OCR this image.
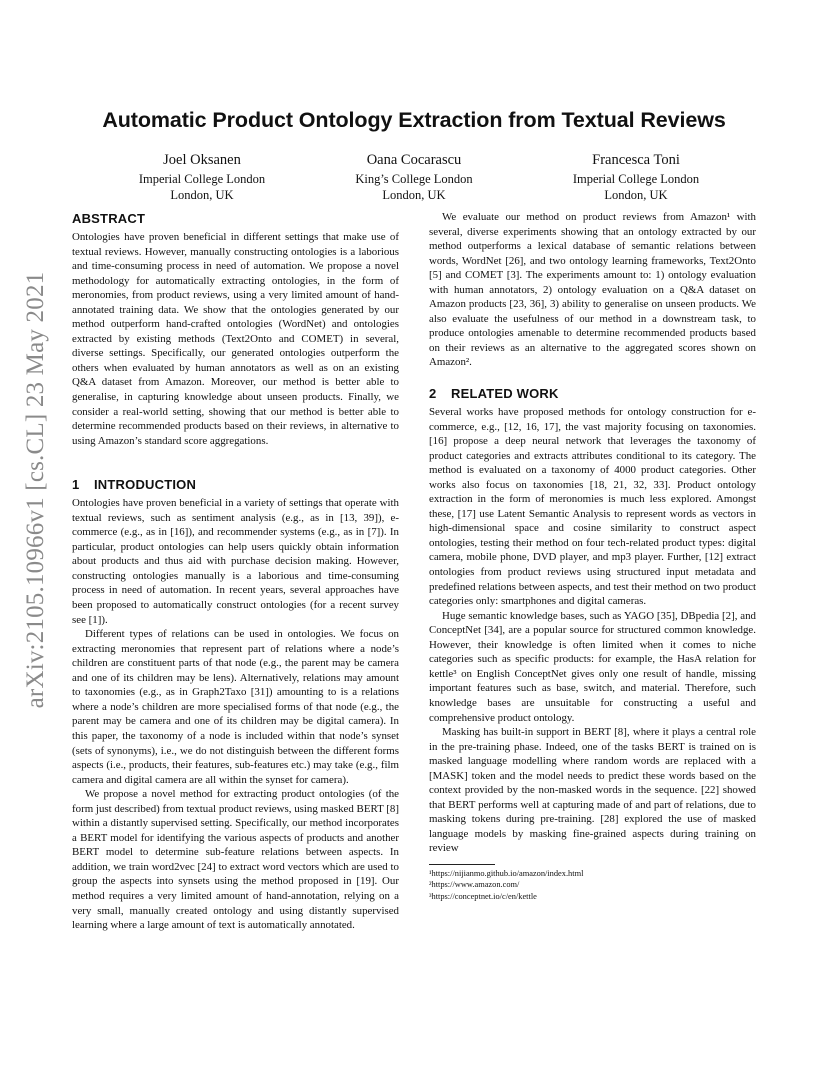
arXiv:2105.10966v1 [cs.CL] 23 May 2021
Automatic Product Ontology Extraction from Textual Reviews
Joel Oksanen
Imperial College London
London, UK
Oana Cocarascu
King’s College London
London, UK
Francesca Toni
Imperial College London
London, UK
ABSTRACT

Ontologies have proven beneficial in different settings that make use of textual reviews. However, manually constructing ontologies is a laborious and time-consuming process in need of automation. We propose a novel methodology for automatically extracting ontologies, in the form of meronomies, from product reviews, using a very limited amount of hand-annotated training data. We show that the ontologies generated by our method outperform hand-crafted ontologies (WordNet) and ontologies extracted by existing methods (Text2Onto and COMET) in several, diverse settings. Specifically, our generated ontologies outperform the others when evaluated by human annotators as well as on an existing Q&A dataset from Amazon. Moreover, our method is better able to generalise, in capturing knowledge about unseen products. Finally, we consider a real-world setting, showing that our method is better able to determine recommended products based on their reviews, in alternative to using Amazon’s standard score aggregations.

1 INTRODUCTION

Ontologies have proven beneficial in a variety of settings that operate with textual reviews, such as sentiment analysis (e.g., as in [13, 39]), e-commerce (e.g., as in [16]), and recommender systems (e.g., as in [7]). In particular, product ontologies can help users quickly obtain information about products and thus aid with purchase decision making. However, constructing ontologies manually is a laborious and time-consuming process in need of automation. In recent years, several approaches have been proposed to automatically construct ontologies (for a recent survey see [1]).

Different types of relations can be used in ontologies. We focus on extracting meronomies that represent part of relations where a node’s children are constituent parts of that node (e.g., the parent may be camera and one of its children may be lens). Alternatively, relations may amount to taxonomies (e.g., as in Graph2Taxo [31]) amounting to is a relations where a node’s children are more specialised forms of that node (e.g., the parent may be camera and one of its children may be digital camera). In this paper, the taxonomy of a node is included within that node’s synset (sets of synonyms), i.e., we do not distinguish between the different forms aspects (i.e., products, their features, sub-features etc.) may take (e.g., film camera and digital camera are all within the synset for camera).

We propose a novel method for extracting product ontologies (of the form just described) from textual product reviews, using masked BERT [8] within a distantly supervised setting. Specifically, our method incorporates a BERT model for identifying the various aspects of products and another BERT model to determine sub-feature relations between aspects. In addition, we train word2vec [24] to extract word vectors which are used to group the aspects into synsets using the method proposed in [19]. Our method requires a very limited amount of hand-annotation, relying on a very small, manually created ontology and using distantly supervised learning where a large amount of text is automatically annotated.

We evaluate our method on product reviews from Amazon¹ with several, diverse experiments showing that an ontology extracted by our method outperforms a lexical database of semantic relations between words, WordNet [26], and two ontology learning frameworks, Text2Onto [5] and COMET [3]. The experiments amount to: 1) ontology evaluation with human annotators, 2) ontology evaluation on a Q&A dataset on Amazon products [23, 36], 3) ability to generalise on unseen products. We also evaluate the usefulness of our method in a downstream task, to produce ontologies amenable to determine recommended products based on their reviews as an alternative to the aggregated scores shown on Amazon².

2 RELATED WORK

Several works have proposed methods for ontology construction for e-commerce, e.g., [12, 16, 17], the vast majority focusing on taxonomies. [16] propose a deep neural network that leverages the taxonomy of product categories and extracts attributes conditional to its category. The method is evaluated on a taxonomy of 4000 product categories. Other works also focus on taxonomies [18, 21, 32, 33]. Product ontology extraction in the form of meronomies is much less explored. Amongst these, [17] use Latent Semantic Analysis to represent words as vectors in high-dimensional space and cosine similarity to construct aspect ontologies, testing their method on four tech-related product types: digital camera, mobile phone, DVD player, and mp3 player. Further, [12] extract ontologies from product reviews using structured input metadata and predefined relations between aspects, and test their method on two product categories only: smartphones and digital cameras.

Huge semantic knowledge bases, such as YAGO [35], DBpedia [2], and ConceptNet [34], are a popular source for structured common knowledge. However, their knowledge is often limited when it comes to niche categories such as specific products: for example, the HasA relation for kettle³ on English ConceptNet gives only one result of handle, missing important features such as base, switch, and material. Therefore, such knowledge bases are unsuitable for constructing a useful and comprehensive product ontology.

Masking has built-in support in BERT [8], where it plays a central role in the pre-training phase. Indeed, one of the tasks BERT is trained on is masked language modelling where random words are replaced with a [MASK] token and the model needs to predict these words based on the context provided by the non-masked words in the sequence. [22] showed that BERT performs well at capturing made of and part of relations, due to masking tokens during pre-training. [28] explored the use of masked language models by masking fine-grained aspects during training on review

¹https://nijianmo.github.io/amazon/index.html
²https://www.amazon.com/
³https://conceptnet.io/c/en/kettle
